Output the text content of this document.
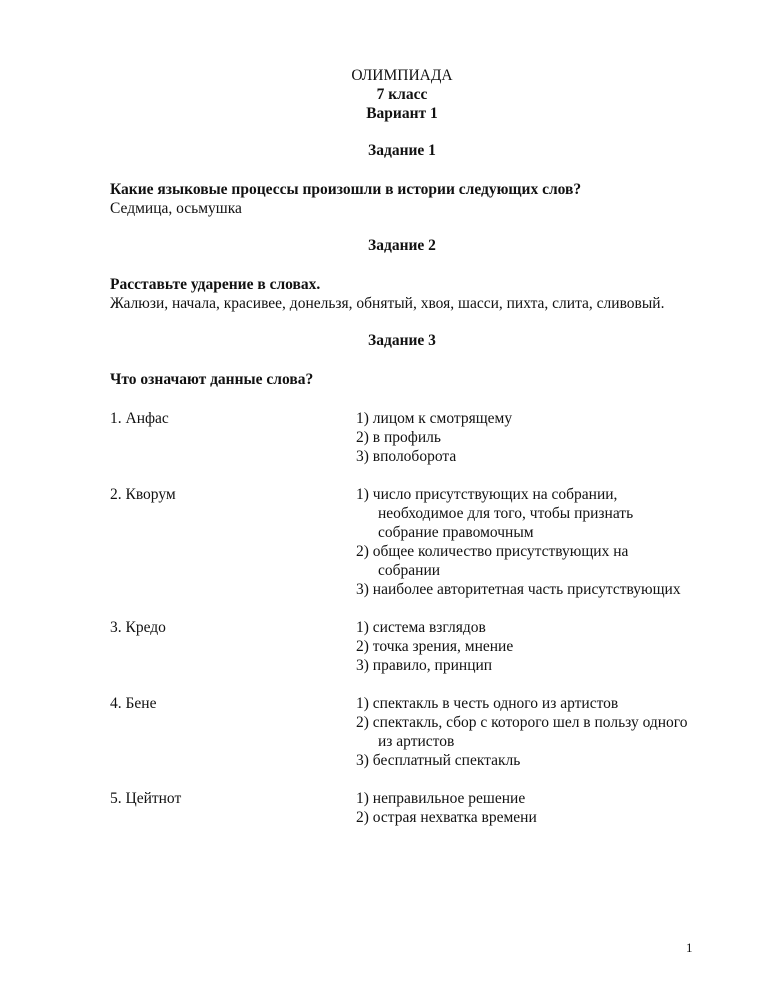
ОЛИМПИАДА
7 класс
Вариант 1
Задание 1
Какие языковые процессы произошли в истории следующих слов?
Седмица, осьмушка
Задание 2
Расставьте ударение в словах.
Жалюзи, начала, красивее, донельзя, обнятый, хвоя, шасси, пихта, слита, сливовый.
Задание 3
Что означают данные слова?
1. Анфас	1) лицом к смотрящему
2) в профиль
3) вполоборота
2. Кворум	1) число присутствующих на собрании, необходимое для того, чтобы признать собрание правомочным
2) общее количество присутствующих на собрании
3) наиболее авторитетная часть присутствующих
3. Кредо	1) система взглядов
2) точка зрения, мнение
3) правило, принцип
4. Бене	1) спектакль в честь одного из артистов
2) спектакль, сбор с которого шел в пользу одного из артистов
3) бесплатный спектакль
5. Цейтнот	1) неправильное решение
2) острая нехватка времени
1
